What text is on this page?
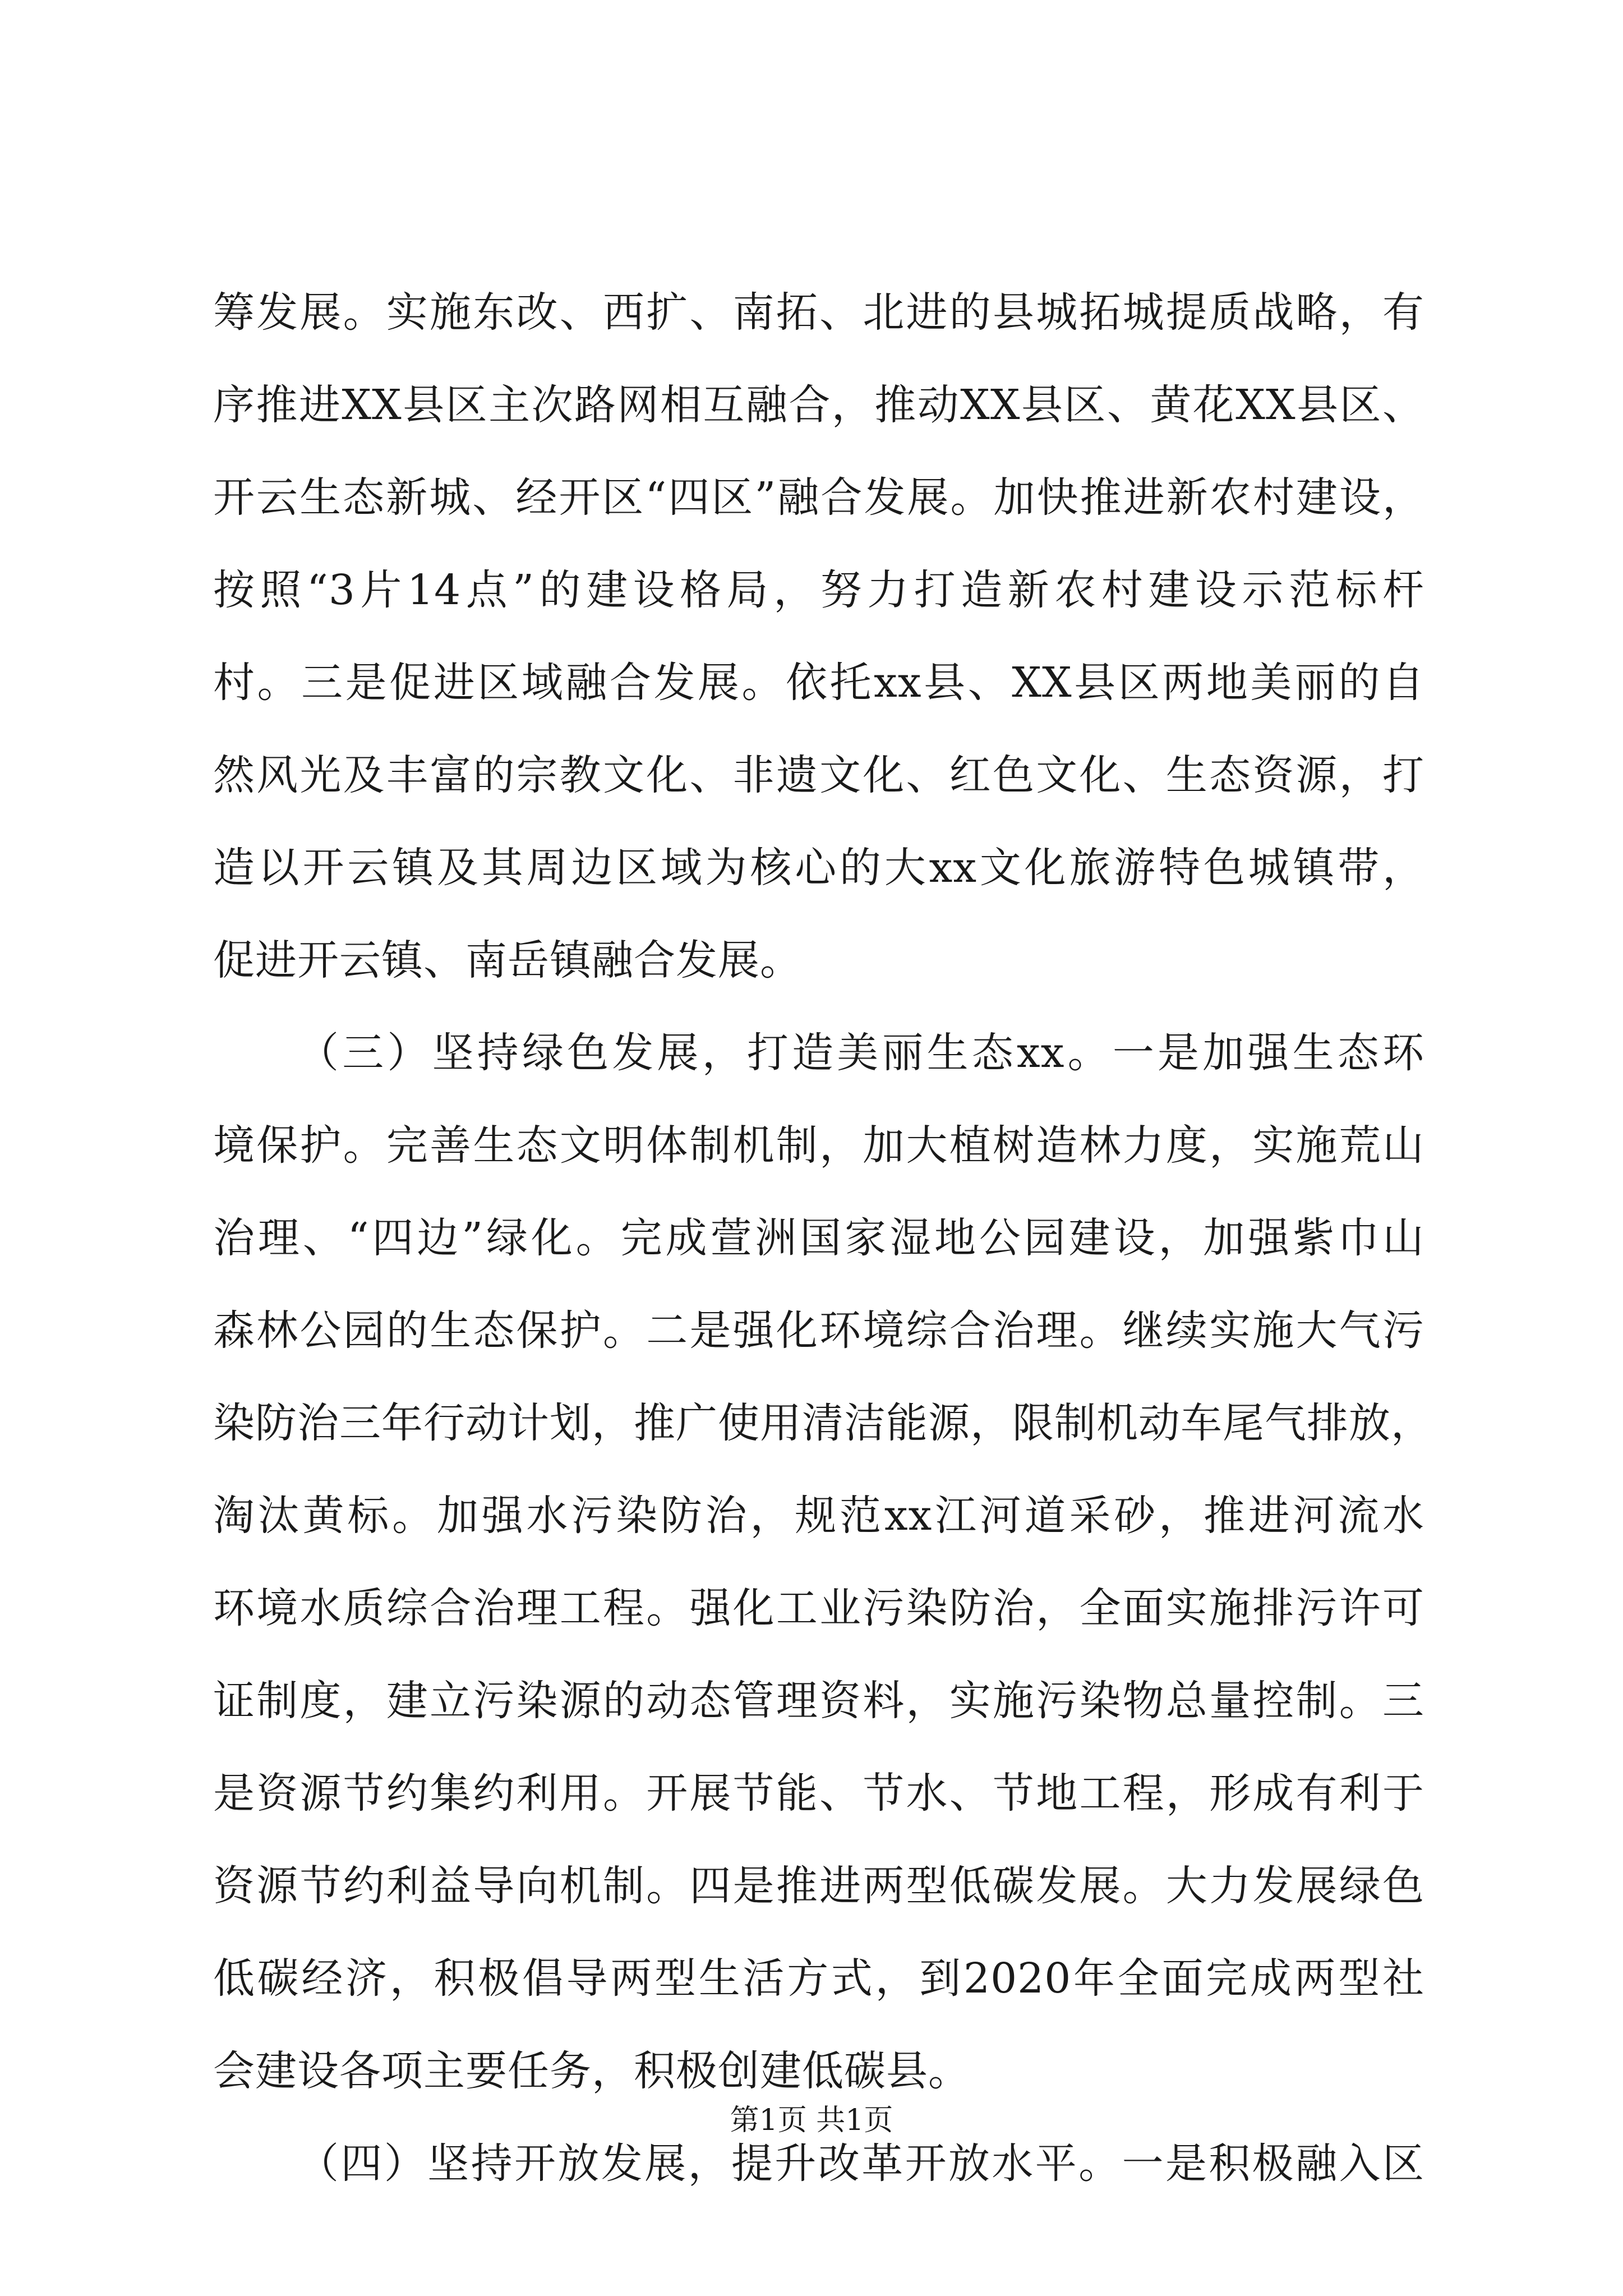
筹发展。实施东改、西扩、南拓、北进的县城拓城提质战略，有
序推进XX县区主次路网相互融合，推动XX县区、黄花XX县区、
开云生态新城、经开区“四区”融合发展。加快推进新农村建设，
按照“3片14点”的建设格局，努力打造新农村建设示范标杆
村。三是促进区域融合发展。依托xx县、XX县区两地美丽的自
然风光及丰富的宗教文化、非遗文化、红色文化、生态资源，打
造以开云镇及其周边区域为核心的大xx文化旅游特色城镇带，
促进开云镇、南岳镇融合发展。
（三）坚持绿色发展，打造美丽生态xx。一是加强生态环
境保护。完善生态文明体制机制，加大植树造林力度，实施荒山
治理、“四边”绿化。完成萱洲国家湿地公园建设，加强紫巾山
森林公园的生态保护。二是强化环境综合治理。继续实施大气污
染防治三年行动计划，推广使用清洁能源，限制机动车尾气排放，
淘汰黄标。加强水污染防治，规范xx江河道采砂，推进河流水
环境水质综合治理工程。强化工业污染防治，全面实施排污许可
证制度，建立污染源的动态管理资料，实施污染物总量控制。三
是资源节约集约利用。开展节能、节水、节地工程，形成有利于
资源节约利益导向机制。四是推进两型低碳发展。大力发展绿色
低碳经济，积极倡导两型生活方式，到2020年全面完成两型社
会建设各项主要任务，积极创建低碳县。
（四）坚持开放发展，提升改革开放水平。一是积极融入区
第1页 共1页
